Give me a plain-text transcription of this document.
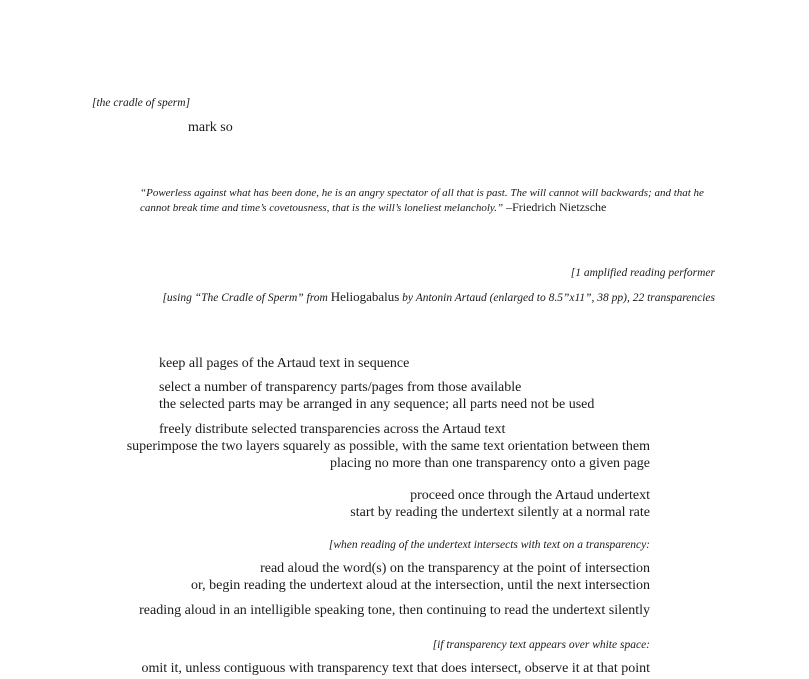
[the cradle of sperm]
mark so
“Powerless against what has been done, he is an angry spectator of all that is past. The will cannot will backwards; and that he
cannot break time and time’s covetousness, that is the will’s loneliest melancholy.” –Friedrich Nietzsche
[1 amplified reading performer
[using “The Cradle of Sperm” from Heliogabalus by Antonin Artaud (enlarged to 8.5”x11”, 38 pp), 22 transparencies
keep all pages of the Artaud text in sequence
select a number of transparency parts/pages from those available
the selected parts may be arranged in any sequence; all parts need not be used
freely distribute selected transparencies across the Artaud text
superimpose the two layers squarely as possible, with the same text orientation between them
placing no more than one transparency onto a given page
proceed once through the Artaud undertext
start by reading the undertext silently at a normal rate
[when reading of the undertext intersects with text on a transparency:
read aloud the word(s) on the transparency at the point of intersection
or, begin reading the undertext aloud at the intersection, until the next intersection
reading aloud in an intelligible speaking tone, then continuing to read the undertext silently
[if transparency text appears over white space:
omit it, unless contiguous with transparency text that does intersect, observe it at that point
